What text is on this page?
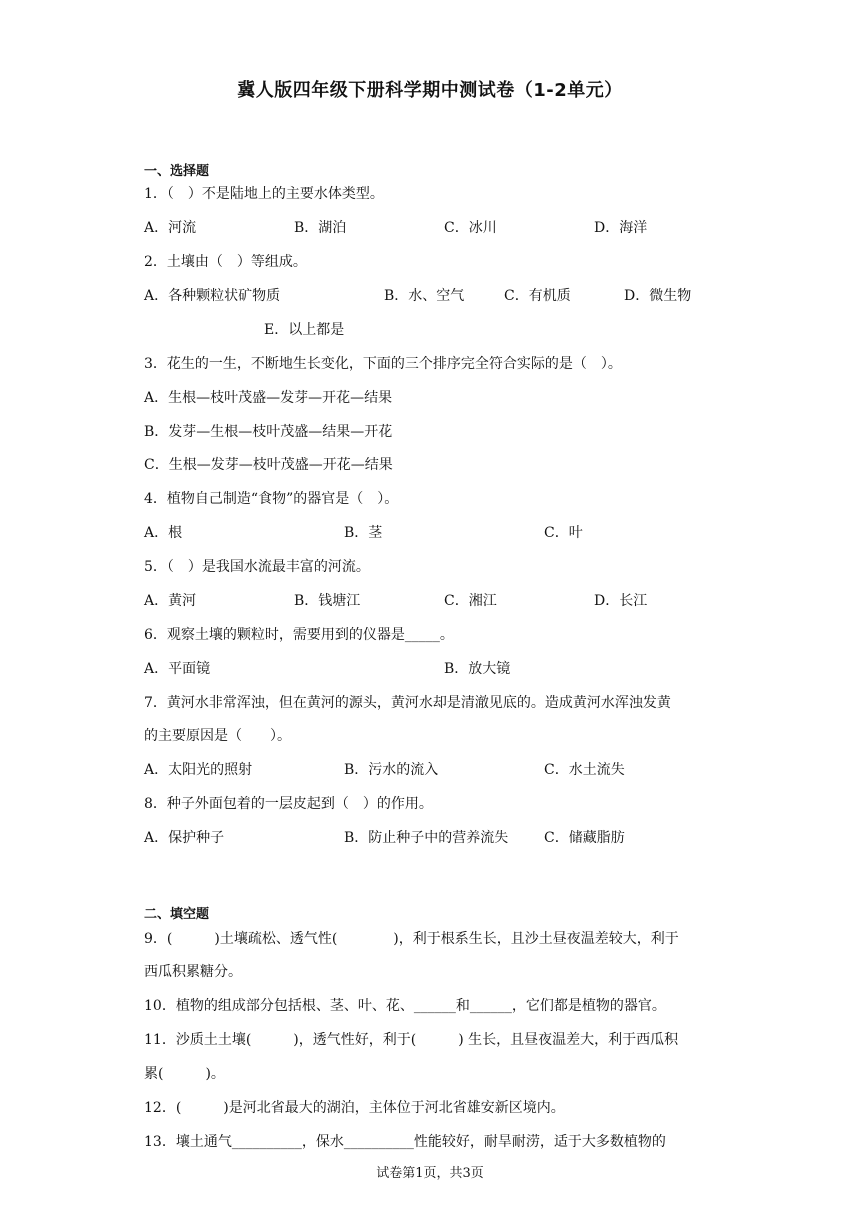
冀人版四年级下册科学期中测试卷（1-2单元）
一、选择题
1．（　）不是陆地上的主要水体类型。
A．河流	B．湖泊	C．冰川	D．海洋
2．土壤由（　）等组成。
A．各种颗粒状矿物质	B．水、空气	C．有机质	D．微生物
E．以上都是
3．花生的一生，不断地生长变化，下面的三个排序完全符合实际的是（　）。
A．生根—枝叶茂盛—发芽—开花—结果
B．发芽—生根—枝叶茂盛—结果—开花
C．生根—发芽—枝叶茂盛—开花—结果
4．植物自己制造“食物”的器官是（　）。
A．根	B．茎	C．叶
5．（　）是我国水流最丰富的河流。
A．黄河	B．钱塘江	C．湘江	D．长江
6．观察土壤的颗粒时，需要用到的仪器是_____。
A．平面镜	B．放大镜
7．黄河水非常浑浊，但在黄河的源头，黄河水却是清澈见底的。造成黄河水浑浊发黄
的主要原因是（　　）。
A．太阳光的照射	B．污水的流入	C．水土流失
8．种子外面包着的一层皮起到（　）的作用。
A．保护种子	B．防止种子中的营养流失	C．储藏脂肪
二、填空题
9．(　　　)土壤疏松、透气性(　　　　)，利于根系生长，且沙土昼夜温差较大，利于
西瓜积累糖分。
10．植物的组成部分包括根、茎、叶、花、______和______，它们都是植物的器官。
11．沙质土土壤(　　　)，透气性好，利于(　　　) 生长，且昼夜温差大，利于西瓜积
累(　　　)。
12．(　　　)是河北省最大的湖泊，主体位于河北省雄安新区境内。
13．壤土通气__________，保水__________性能较好，耐旱耐涝，适于大多数植物的
试卷第1页，共3页
